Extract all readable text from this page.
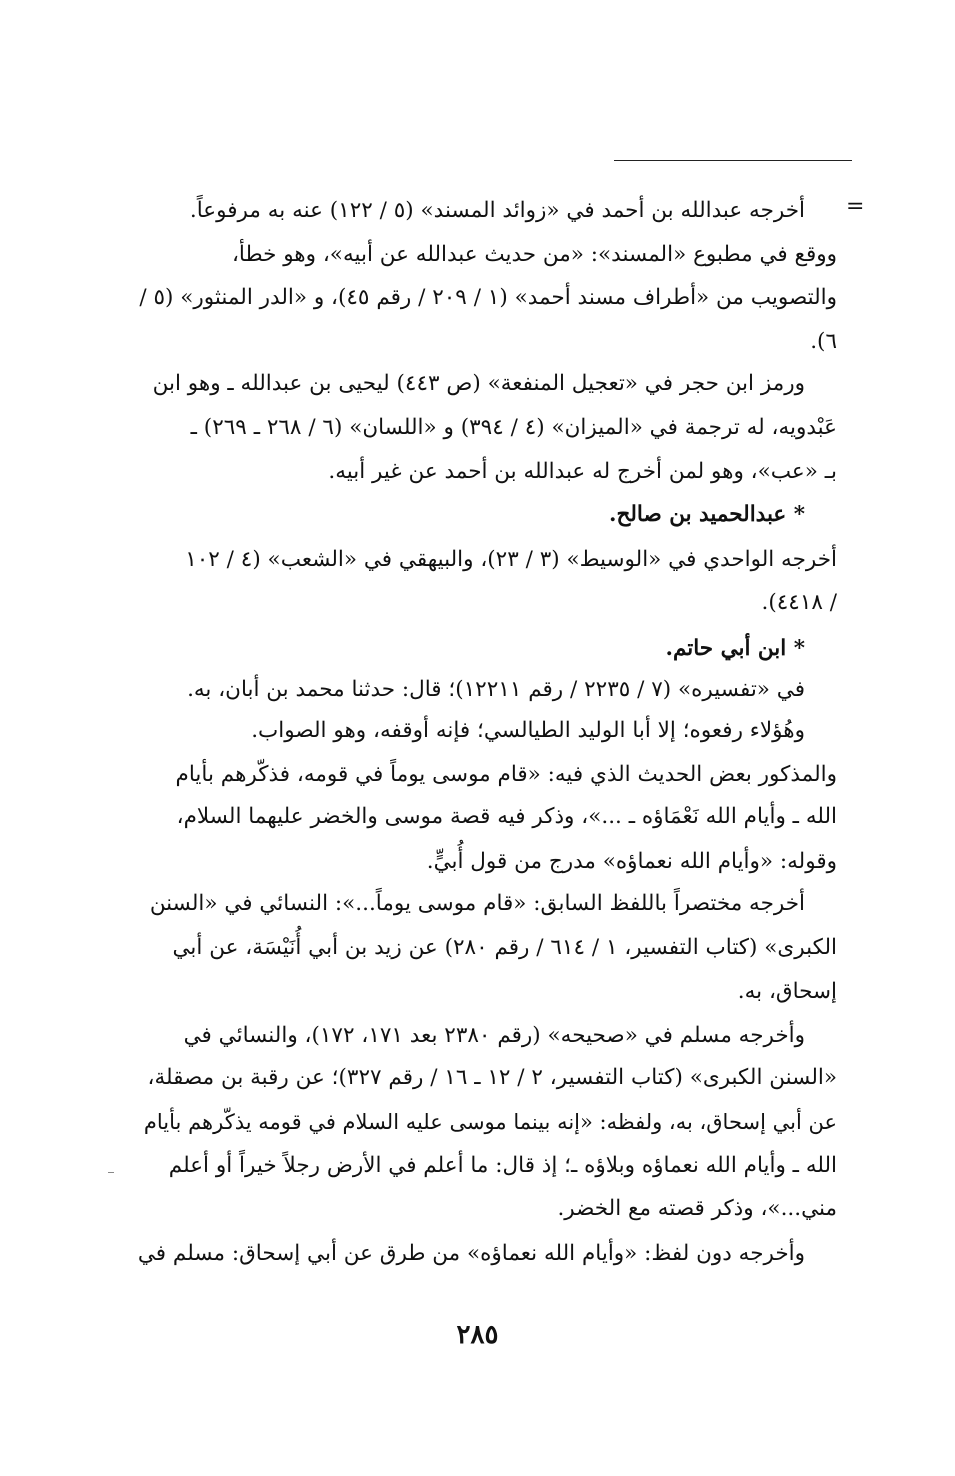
=
أخرجه عبدالله بن أحمد في «زوائد المسند» (٥ / ١٢٢) عنه به مرفوعاً.
ووقع في مطبوع «المسند»: «من حديث عبدالله عن أبيه»، وهو خطأ،
والتصويب من «أطراف مسند أحمد» (١ / ٢٠٩ / رقم ٤٥)، و «الدر المنثور» (٥ /
٦).
ورمز ابن حجر في «تعجيل المنفعة» (ص ٤٤٣) ليحيى بن عبدالله ـ وهو ابن
عَبْدويه، له ترجمة في «الميزان» (٤ / ٣٩٤) و «اللسان» (٦ / ٢٦٨ ـ ٢٦٩) ـ
بـ «عب»، وهو لمن أخرج له عبدالله بن أحمد عن غير أبيه.
* عبدالحميد بن صالح.
أخرجه الواحدي في «الوسيط» (٣ / ٢٣)، والبيهقي في «الشعب» (٤ / ١٠٢
/ ٤٤١٨).
* ابن أبي حاتم.
في «تفسيره» (٧ / ٢٢٣٥ / رقم ١٢٢١١)؛ قال: حدثنا محمد بن أبان، به.
وهُؤلاء رفعوه؛ إلا أبا الوليد الطيالسي؛ فإنه أوقفه، وهو الصواب.
والمذكور بعض الحديث الذي فيه: «قام موسى يوماً في قومه، فذكّرهم بأيام
الله ـ وأيام الله نَعْمَاؤه ـ ...»، وذكر فيه قصة موسى والخضر عليهما السلام،
وقوله: «وأيام الله نعماؤه» مدرج من قول أُبيٍّ.
أخرجه مختصراً باللفظ السابق: «قام موسى يوماً...»: النسائي في «السنن
الكبرى» (كتاب التفسير، ١ / ٦١٤ / رقم ٢٨٠) عن زيد بن أبي أُنَيْسَة، عن أبي
إسحاق، به.
وأخرجه مسلم في «صحيحه» (رقم ٢٣٨٠ بعد ١٧١، ١٧٢)، والنسائي في
«السنن الكبرى» (كتاب التفسير، ٢ / ١٢ ـ ١٦ / رقم ٣٢٧)؛ عن رقبة بن مصقلة،
عن أبي إسحاق، به، ولفظه: «إنه بينما موسى عليه السلام في قومه يذكّرهم بأيام
الله ـ وأيام الله نعماؤه وبلاؤه ـ؛ إذ قال: ما أعلم في الأرض رجلاً خيراً أو أعلم
مني...»، وذكر قصته مع الخضر.
وأخرجه دون لفظ: «وأيام الله نعماؤه» من طرق عن أبي إسحاق: مسلم في
٢٨٥
